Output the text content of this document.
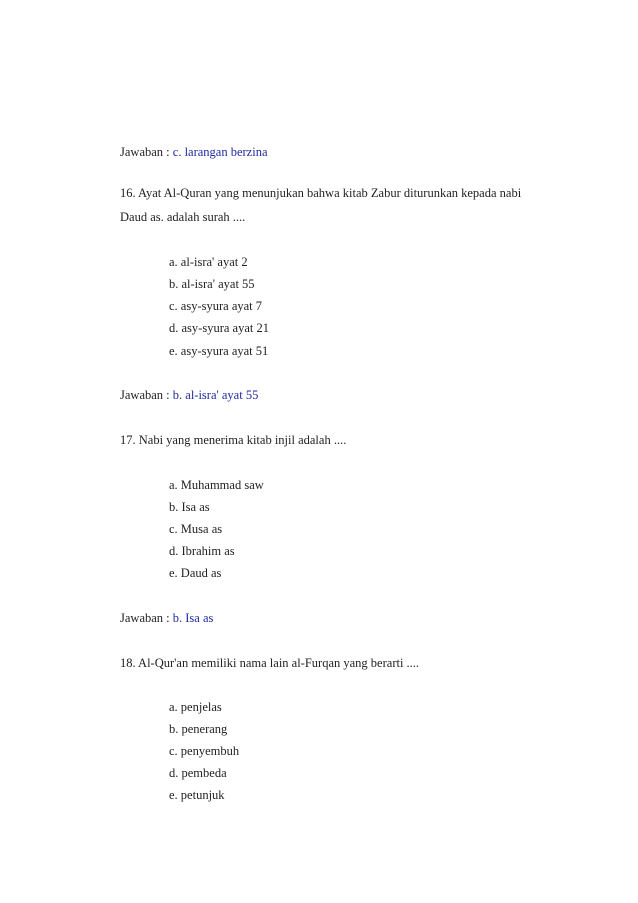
Jawaban : c. larangan berzina
16. Ayat Al-Quran yang menunjukan bahwa kitab Zabur diturunkan kepada nabi
Daud as. adalah surah ....
a. al-isra' ayat 2
b. al-isra' ayat 55
c. asy-syura ayat 7
d. asy-syura ayat 21
e. asy-syura ayat 51
Jawaban : b. al-isra' ayat 55
17. Nabi yang menerima kitab injil adalah ....
a. Muhammad saw
b. Isa as
c. Musa as
d. Ibrahim as
e. Daud as
Jawaban : b. Isa as
18. Al-Qur'an memiliki nama lain al-Furqan yang berarti ....
a. penjelas
b. penerang
c. penyembuh
d. pembeda
e. petunjuk
